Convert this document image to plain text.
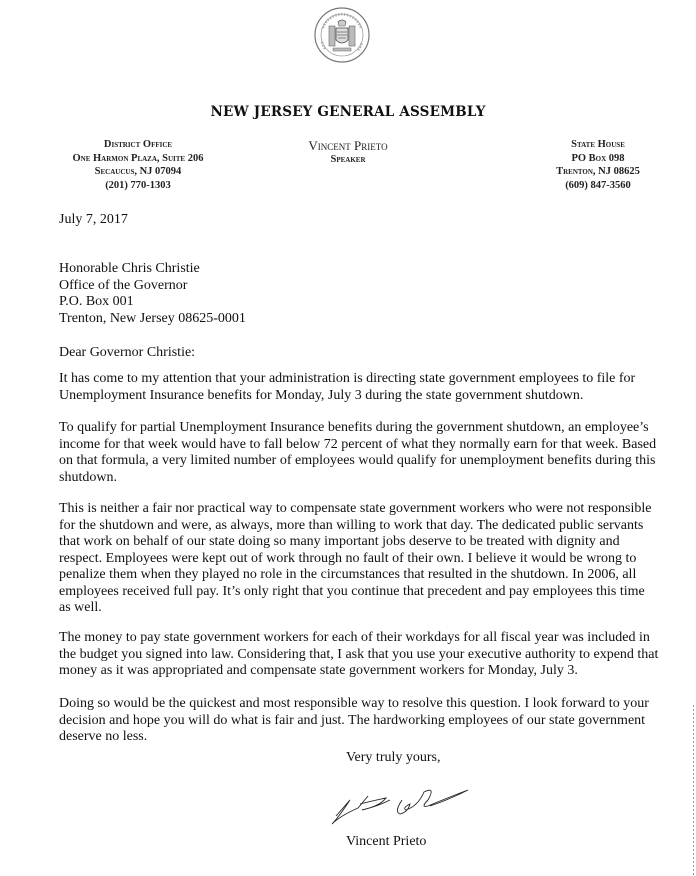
NEW JERSEY GENERAL ASSEMBLY
District Office
One Harmon Plaza, Suite 206
Secaucus, NJ 07094
(201) 770-1303
Vincent Prieto
Speaker
State House
PO Box 098
Trenton, NJ 08625
(609) 847-3560
July 7, 2017
Honorable Chris Christie
Office of the Governor
P.O. Box 001
Trenton, New Jersey 08625-0001
Dear Governor Christie:

It has come to my attention that your administration is directing state government employees to file for Unemployment Insurance benefits for Monday, July 3 during the state government shutdown.

To qualify for partial Unemployment Insurance benefits during the government shutdown, an employee’s income for that week would have to fall below 72 percent of what they normally earn for that week. Based on that formula, a very limited number of employees would qualify for unemployment benefits during this shutdown.

This is neither a fair nor practical way to compensate state government workers who were not responsible for the shutdown and were, as always, more than willing to work that day. The dedicated public servants that work on behalf of our state doing so many important jobs deserve to be treated with dignity and respect. Employees were kept out of work through no fault of their own. I believe it would be wrong to penalize them when they played no role in the circumstances that resulted in the shutdown. In 2006, all employees received full pay. It’s only right that you continue that precedent and pay employees this time as well.

The money to pay state government workers for each of their workdays for all fiscal year was included in the budget you signed into law. Considering that, I ask that you use your executive authority to expend that money as it was appropriated and compensate state government workers for Monday, July 3.

Doing so would be the quickest and most responsible way to resolve this question. I look forward to your decision and hope you will do what is fair and just. The hardworking employees of our state government deserve no less.

Very truly yours,
Vincent Prieto
